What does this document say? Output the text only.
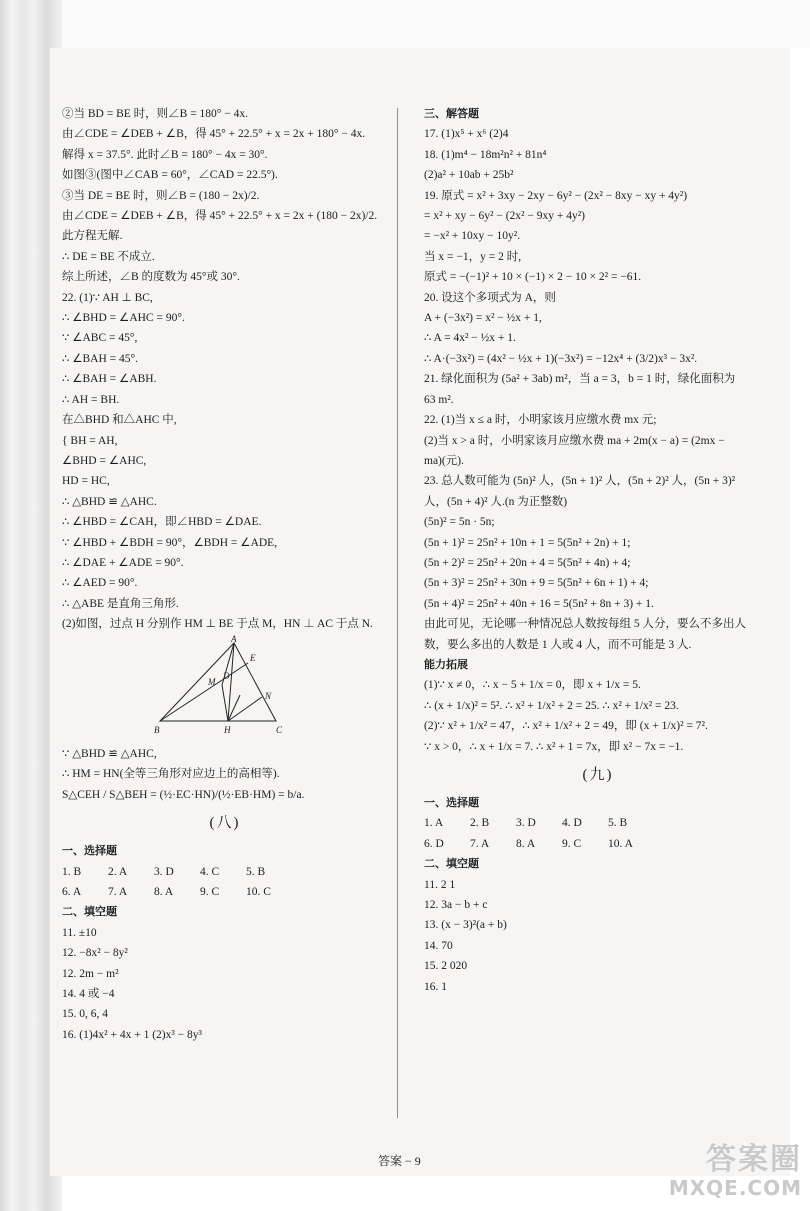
②当 BD = BE 时，则∠B = 180° − 4x.
由∠CDE = ∠DEB + ∠B，得 45° + 22.5° + x = 2x + 180° − 4x.
解得 x = 37.5°. 此时∠B = 180° − 4x = 30°.
如图③(图中∠CAB = 60°，∠CAD = 22.5°).
③当 DE = BE 时，则∠B = (180 − 2x)/2.
由∠CDE = ∠DEB + ∠B，得 45° + 22.5° + x = 2x + (180 − 2x)/2.
此方程无解.
∴ DE = BE 不成立.
综上所述，∠B 的度数为 45°或 30°.
22. (1)∵ AH ⊥ BC,
∴ ∠BHD = ∠AHC = 90°.
∵ ∠ABC = 45°,
∴ ∠BAH = 45°.
∴ ∠BAH = ∠ABH.
∴ AH = BH.
在△BHD 和△AHC 中,
{ BH = AH,
∠BHD = ∠AHC,
HD = HC,
∴ △BHD ≌ △AHC.
∴ ∠HBD = ∠CAH，即∠HBD = ∠DAE.
∵ ∠HBD + ∠BDH = 90°，∠BDH = ∠ADE,
∴ ∠DAE + ∠ADE = 90°.
∴ ∠AED = 90°.
∴ △ABE 是直角三角形.
(2)如图，过点 H 分别作 HM ⊥ BE 于点 M，HN ⊥ AC 于点 N.
A
D
E
M
N
B	H	C
∵ △BHD ≌ △AHC,
∴ HM = HN(全等三角形对应边上的高相等).
S△CEH / S△BEH = (½·EC·HN)/(½·EB·HM) = b/a.
(八)
一、选择题
1. B	2. A	3. D	4. C	5. B
6. A	7. A	8. A	9. C	10. C
二、填空题
11. ±10
12. −8x² − 8y²
12. 2m − m²
14. 4 或 −4
15. 0, 6, 4
16. (1)4x² + 4x + 1 (2)x³ − 8y³
三、解答题
17. (1)x⁵ + x⁶ (2)4
18. (1)m⁴ − 18m²n² + 81n⁴
(2)a² + 10ab + 25b²
19. 原式 = x² + 3xy − 2xy − 6y² − (2x² − 8xy − xy + 4y²)
= x² + xy − 6y² − (2x² − 9xy + 4y²)
= −x² + 10xy − 10y².
当 x = −1，y = 2 时,
原式 = −(−1)² + 10 × (−1) × 2 − 10 × 2² = −61.
20. 设这个多项式为 A，则
A + (−3x²) = x² − ½x + 1,
∴ A = 4x² − ½x + 1.
∴ A·(−3x²) = (4x² − ½x + 1)(−3x²) = −12x⁴ + (3/2)x³ − 3x².
21. 绿化面积为 (5a² + 3ab) m²，当 a = 3，b = 1 时，绿化面积为
63 m².
22. (1)当 x ≤ a 时，小明家该月应缴水费 mx 元;
(2)当 x > a 时，小明家该月应缴水费 ma + 2m(x − a) = (2mx −
ma)(元).
23. 总人数可能为 (5n)² 人，(5n + 1)² 人，(5n + 2)² 人，(5n + 3)²
人，(5n + 4)² 人.(n 为正整数)
(5n)² = 5n · 5n;
(5n + 1)² = 25n² + 10n + 1 = 5(5n² + 2n) + 1;
(5n + 2)² = 25n² + 20n + 4 = 5(5n² + 4n) + 4;
(5n + 3)² = 25n² + 30n + 9 = 5(5n² + 6n + 1) + 4;
(5n + 4)² = 25n² + 40n + 16 = 5(5n² + 8n + 3) + 1.
由此可见，无论哪一种情况总人数按每组 5 人分，要么不多出人
数，要么多出的人数是 1 人或 4 人，而不可能是 3 人.
能力拓展
(1)∵ x ≠ 0，∴ x − 5 + 1/x = 0，即 x + 1/x = 5.
∴ (x + 1/x)² = 5². ∴ x² + 1/x² + 2 = 25. ∴ x² + 1/x² = 23.
(2)∵ x² + 1/x² = 47，∴ x² + 1/x² + 2 = 49，即 (x + 1/x)² = 7².
∵ x > 0，∴ x + 1/x = 7. ∴ x² + 1 = 7x，即 x² − 7x = −1.
(九)
一、选择题
1. A	2. B	3. D	4. D	5. B
6. D	7. A	8. A	9. C	10. A
二、填空题
11. 2 1
12. 3a − b + c
13. (x − 3)²(a + b)
14. 70
15. 2 020
16. 1
答案 − 9	答案圈
MXQE.COM
